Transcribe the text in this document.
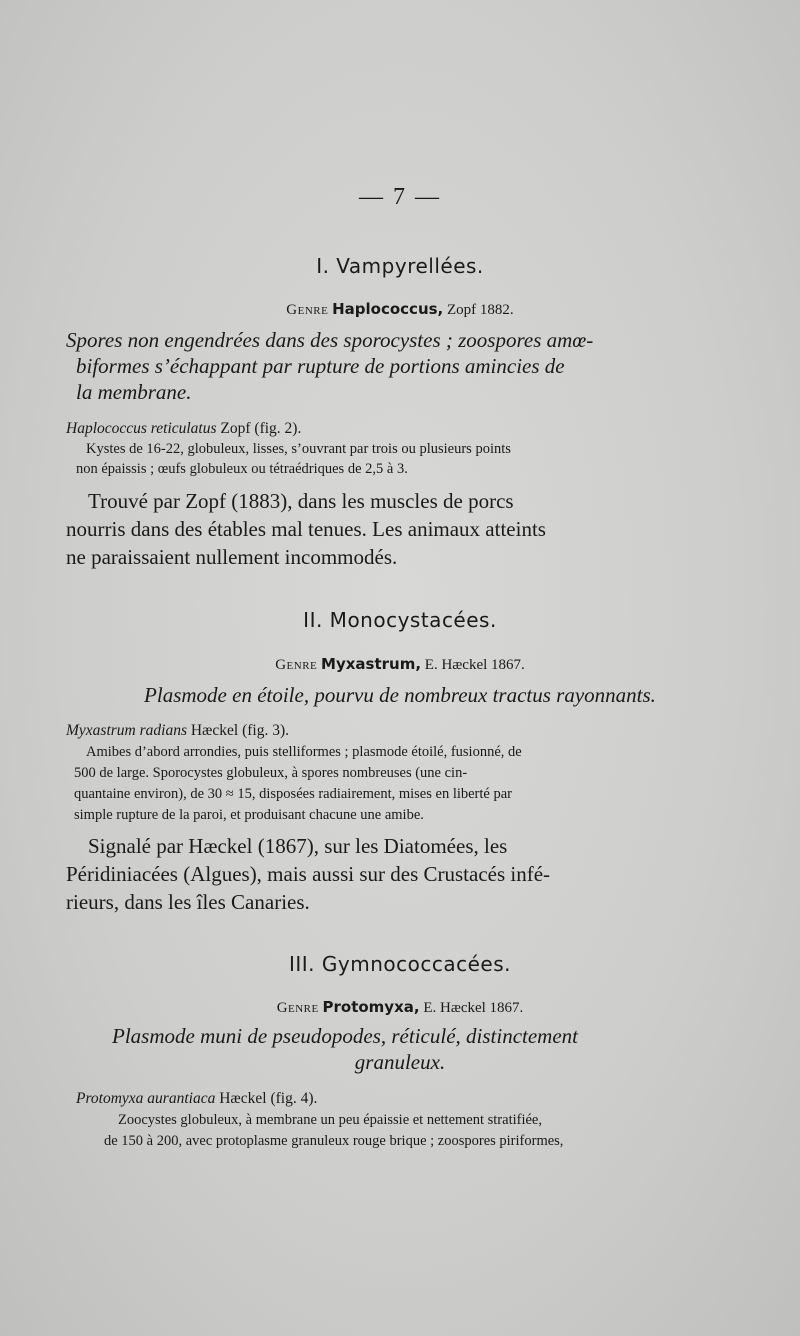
— 7 —
I. Vampyrellées.
Genre Haplococcus, Zopf 1882.
Spores non engendrées dans des sporocystes ; zoospores amœ-
biformes s’échappant par rupture de portions amincies de
la membrane.
Haplococcus reticulatus Zopf (fig. 2).
Kystes de 16-22, globuleux, lisses, s’ouvrant par trois ou plusieurs points
non épaissis ; œufs globuleux ou tétraédriques de 2,5 à 3.
Trouvé par Zopf (1883), dans les muscles de porcs
nourris dans des étables mal tenues. Les animaux atteints
ne paraissaient nullement incommodés.
II. Monocystacées.
Genre Myxastrum, E. Hæckel 1867.
Plasmode en étoile, pourvu de nombreux tractus rayonnants.
Myxastrum radians Hæckel (fig. 3).
Amibes d’abord arrondies, puis stelliformes ; plasmode étoilé, fusionné, de
500 de large. Sporocystes globuleux, à spores nombreuses (une cin-
quantaine environ), de 30 ≈ 15, disposées radiairement, mises en liberté par
simple rupture de la paroi, et produisant chacune une amibe.
Signalé par Hæckel (1867), sur les Diatomées, les
Péridiniacées (Algues), mais aussi sur des Crustacés infé-
rieurs, dans les îles Canaries.
III. Gymnococcacées.
Genre Protomyxa, E. Hæckel 1867.
Plasmode muni de pseudopodes, réticulé, distinctement
granuleux.
Protomyxa aurantiaca Hæckel (fig. 4).
Zoocystes globuleux, à membrane un peu épaissie et nettement stratifiée,
de 150 à 200, avec protoplasme granuleux rouge brique ; zoospores piriformes,
